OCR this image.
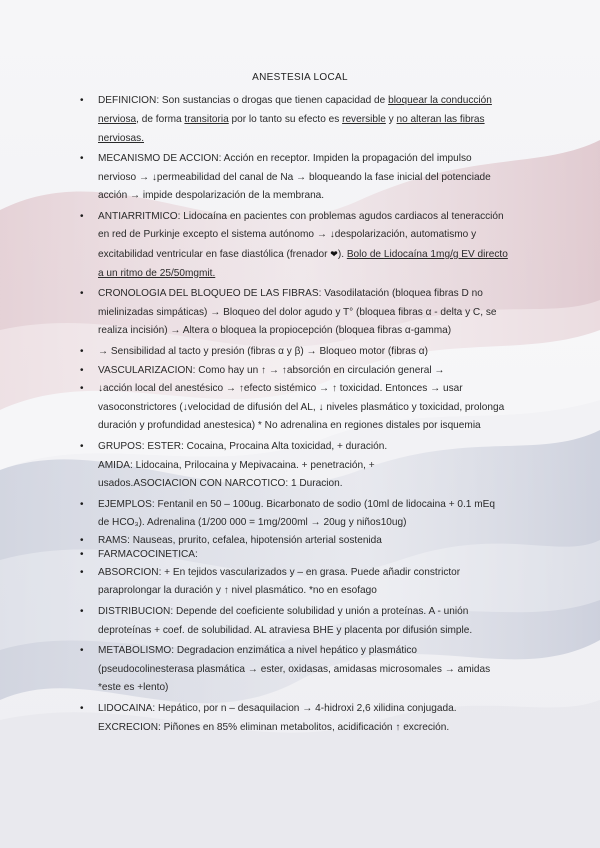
ANESTESIA LOCAL
• DEFINICION: Son sustancias o drogas que tienen capacidad de bloquear la conducción nerviosa, de forma transitoria por lo tanto su efecto es reversible y no alteran las fibras nerviosas.
• MECANISMO DE ACCION: Acción en receptor. Impiden la propagación del impulso nervioso → ↓permeabilidad del canal de Na → bloqueando la fase inicial del potenciade acción → impide despolarización de la membrana.
• ANTIARRITMICO: Lidocaína en pacientes con problemas agudos cardiacos al teneracción en red de Purkinje excepto el sistema autónomo → ↓despolarización, automatismo y excitabilidad ventricular en fase diastólica (frenador ❤). Bolo de Lidocaína 1mg/g EV directo a un ritmo de 25/50mgmit.
• CRONOLOGIA DEL BLOQUEO DE LAS FIBRAS: Vasodilatación (bloquea fibras D no mielinizadas simpáticas) → Bloqueo del dolor agudo y T° (bloquea fibras α - delta y C, se realiza incisión) → Altera o bloquea la propiocepción (bloquea fibras α-gamma)
• → Sensibilidad al tacto y presión (fibras α y β) → Bloqueo motor (fibras α)
• VASCULARIZACION: Como hay un ↑ → ↑absorción en circulación general →
• ↓acción local del anestésico → ↑efecto sistémico → ↑ toxicidad. Entonces → usar vasoconstrictores (↓velocidad de difusión del AL, ↓ niveles plasmático y toxicidad, prolonga duración y profundidad anestesica) * No adrenalina en regiones distales por isquemia
• GRUPOS: ESTER: Cocaina, Procaina Alta toxicidad, + duración.
AMIDA: Lidocaina, Prilocaina y Mepivacaina. + penetración, +
usados.ASOCIACION CON NARCOTICO: 1 Duracion.
• EJEMPLOS: Fentanil en 50 – 100ug. Bicarbonato de sodio (10ml de lidocaina + 0.1 mEq de HCO₃). Adrenalina (1/200 000 = 1mg/200ml → 20ug y niños10ug)
• RAMS: Nauseas, prurito, cefalea, hipotensión arterial sostenida
• FARMACOCINETICA:
• ABSORCION: + En tejidos vascularizados y – en grasa. Puede añadir constrictor paraprolongar la duración y ↑ nivel plasmático. *no en esofago
• DISTRIBUCION: Depende del coeficiente solubilidad y unión a proteínas. A - unión deproteínas + coef. de solubilidad. AL atraviesa BHE y placenta por difusión simple.
• METABOLISMO: Degradacion enzimática a nivel hepático y plasmático (pseudocolinesterasa plasmática → ester, oxidasas, amidasas microsomales → amidas *este es +lento)
• LIDOCAINA: Hepático, por n – desaquilacion → 4-hidroxi 2,6 xilidina conjugada.
EXCRECION: Piñones en 85% eliminan metabolitos, acidificación ↑ excreción.
